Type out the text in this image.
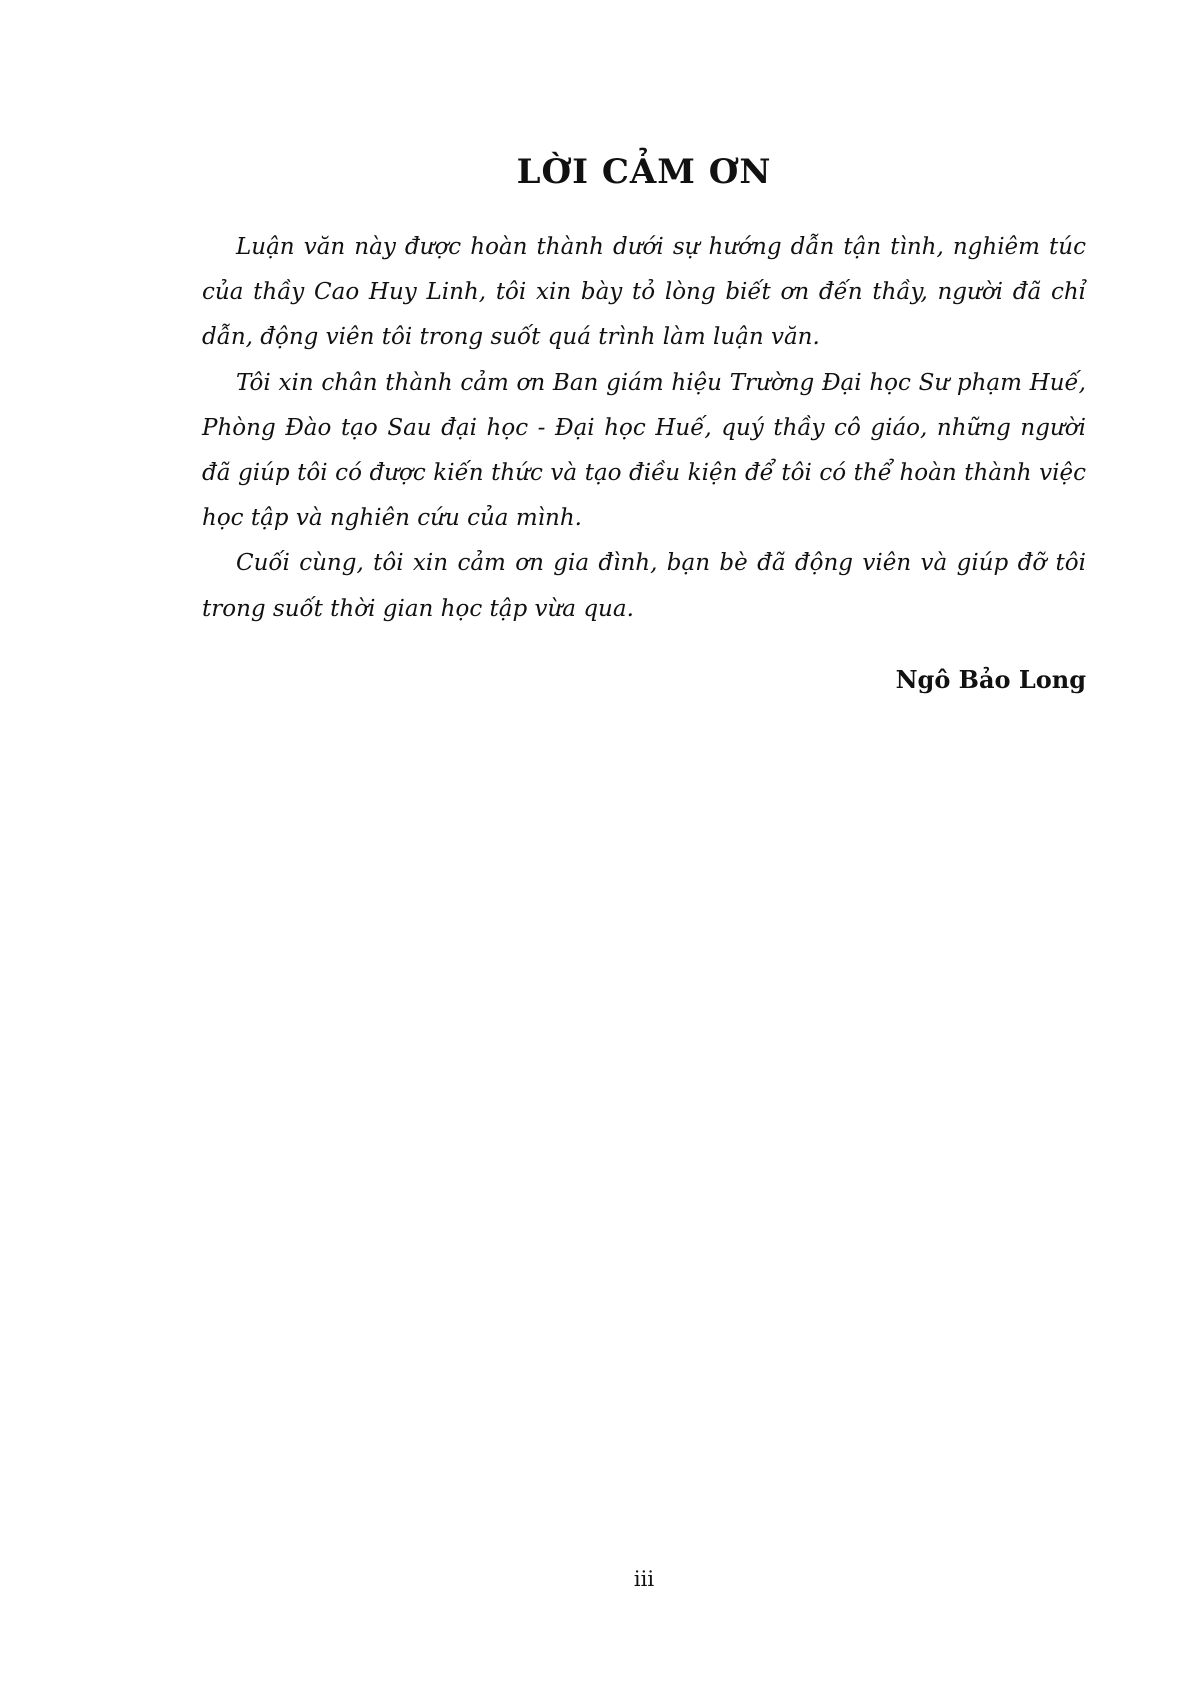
LỜI CẢM ƠN

Luận văn này được hoàn thành dưới sự hướng dẫn tận tình, nghiêm túc của thầy Cao Huy Linh, tôi xin bày tỏ lòng biết ơn đến thầy, người đã chỉ dẫn, động viên tôi trong suốt quá trình làm luận văn.

Tôi xin chân thành cảm ơn Ban giám hiệu Trường Đại học Sư phạm Huế, Phòng Đào tạo Sau đại học - Đại học Huế, quý thầy cô giáo, những người đã giúp tôi có được kiến thức và tạo điều kiện để tôi có thể hoàn thành việc học tập và nghiên cứu của mình.

Cuối cùng, tôi xin cảm ơn gia đình, bạn bè đã động viên và giúp đỡ tôi trong suốt thời gian học tập vừa qua.

Ngô Bảo Long

iii
